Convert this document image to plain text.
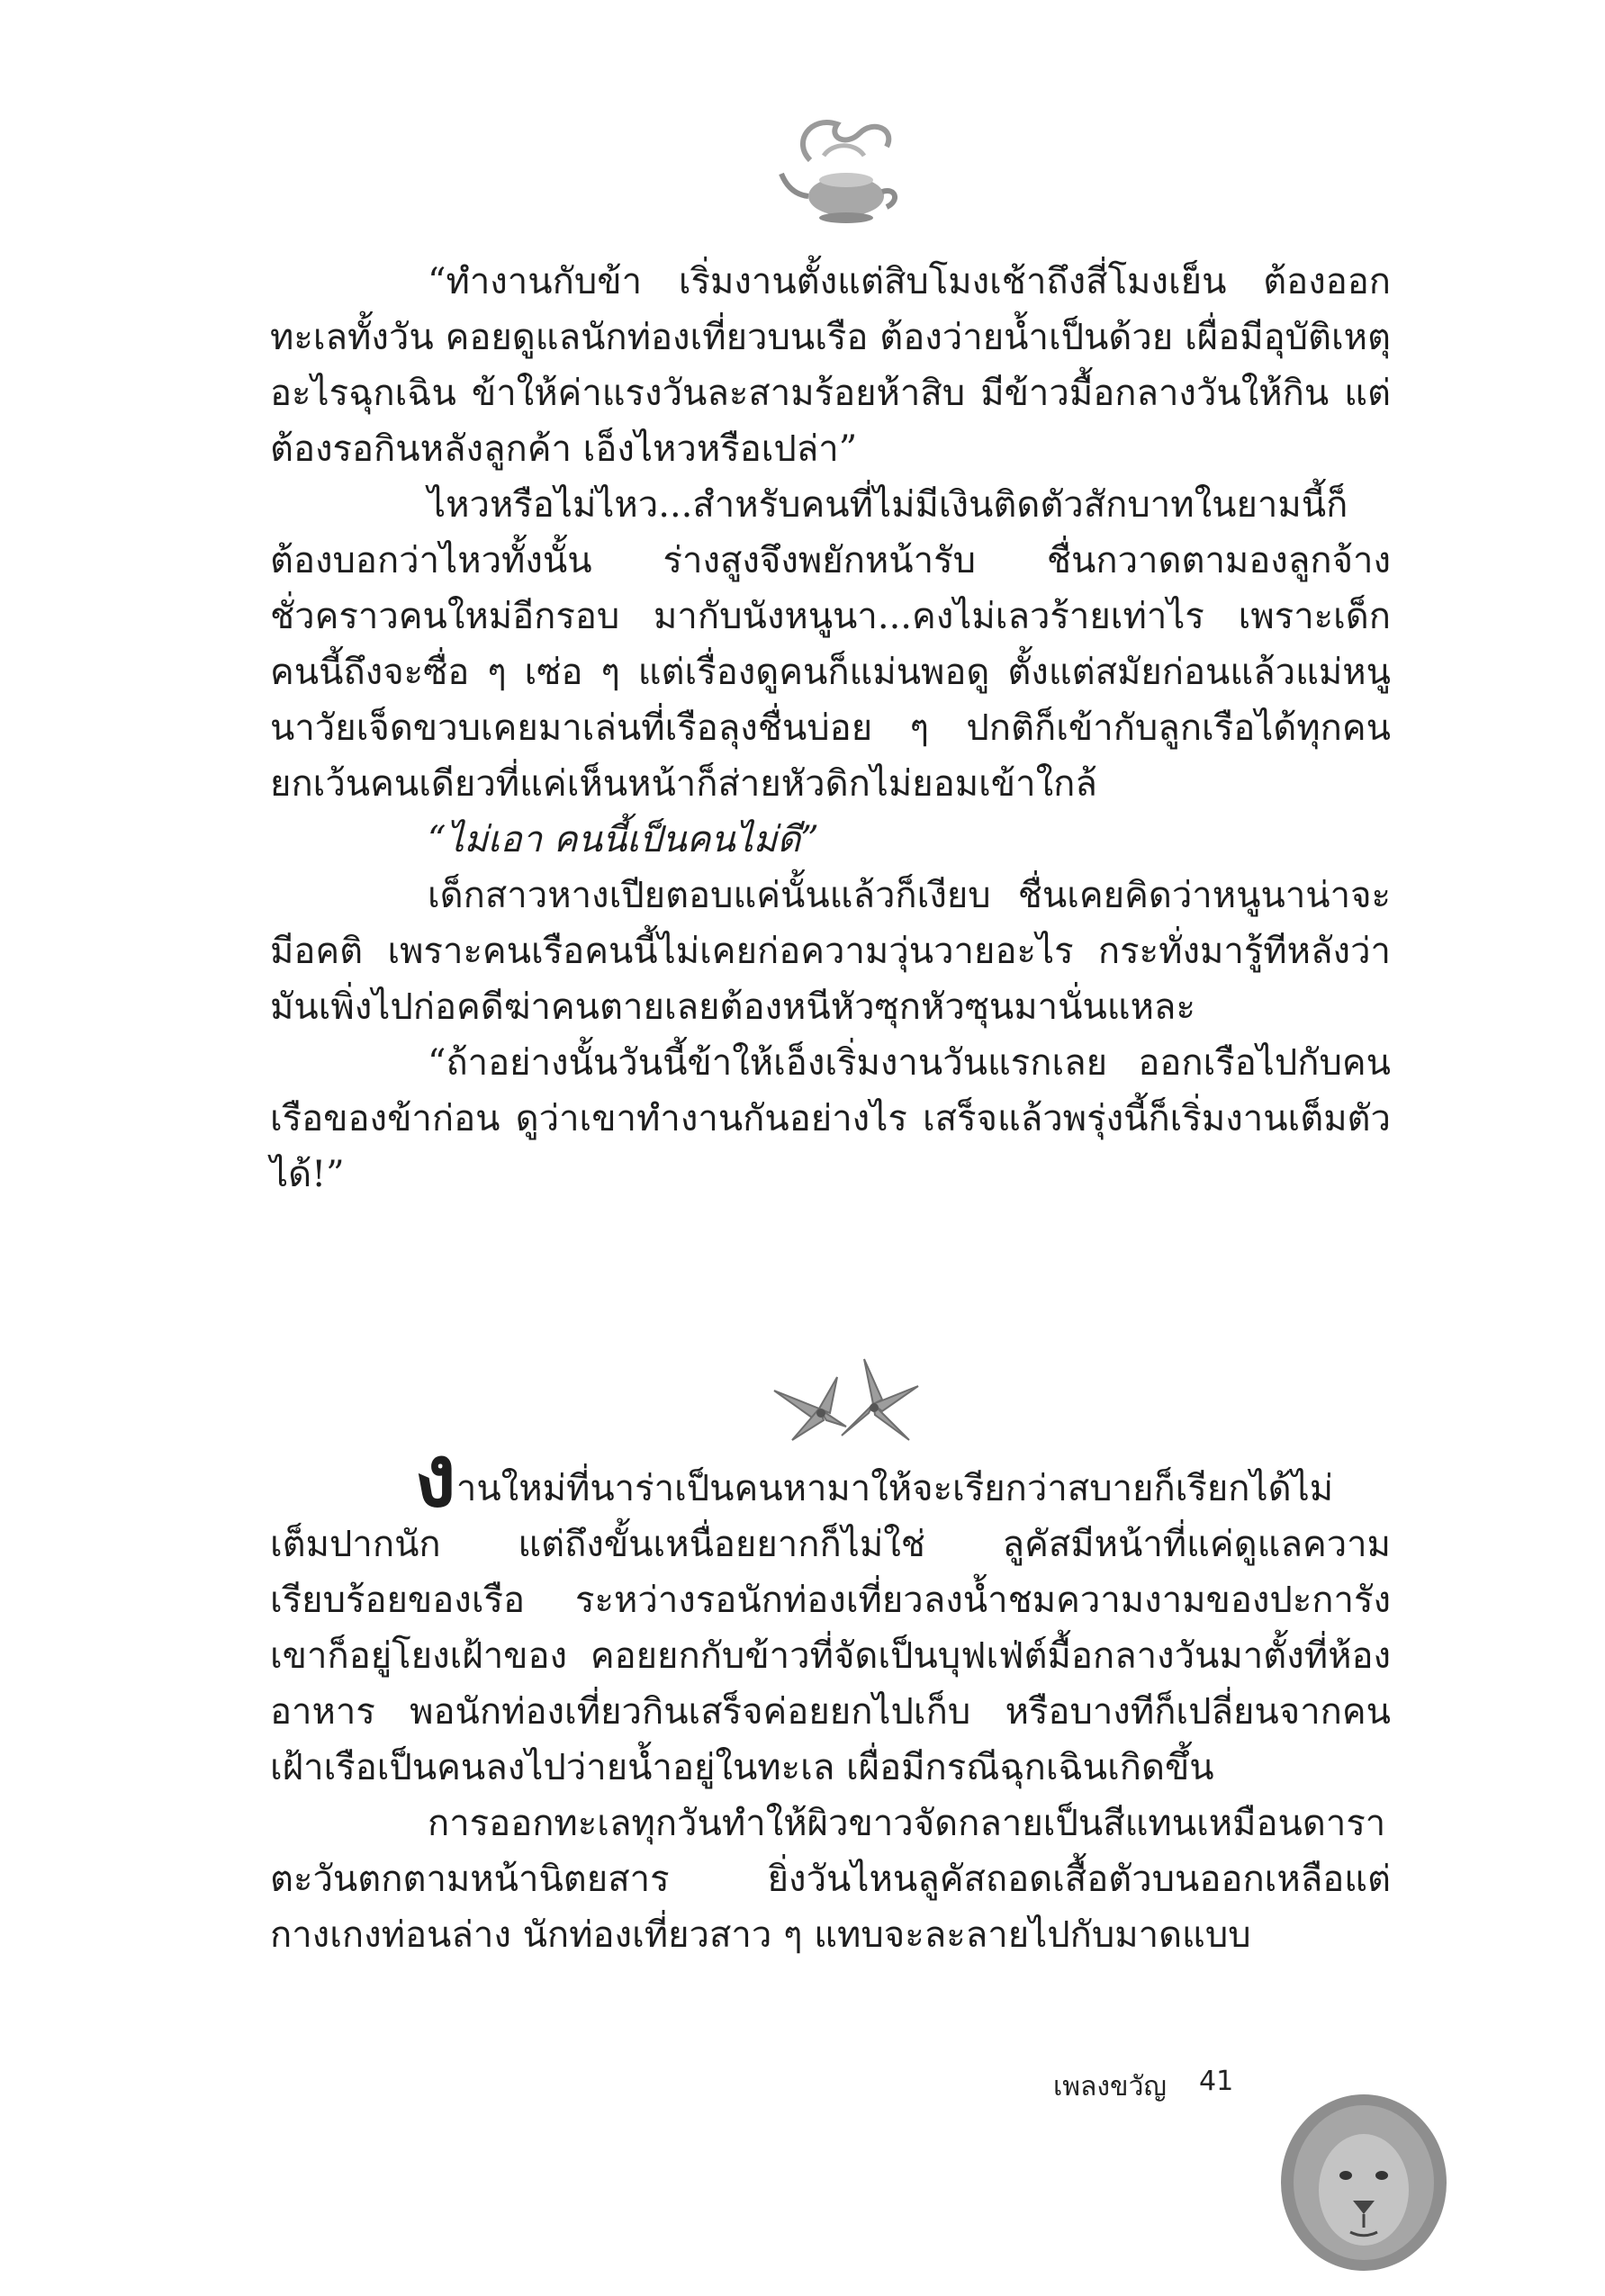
“ทำงานกับข้า เริ่มงานตั้งแต่สิบโมงเช้าถึงสี่โมงเย็น ต้องออกทะเลทั้งวัน คอยดูแลนักท่องเที่ยวบนเรือ ต้องว่ายน้ำเป็นด้วย เผื่อมีอุบัติเหตุอะไรฉุกเฉิน ข้าให้ค่าแรงวันละสามร้อยห้าสิบ มีข้าวมื้อกลางวันให้กิน แต่ต้องรอกินหลังลูกค้า เอ็งไหวหรือเปล่า”

ไหวหรือไม่ไหว...สำหรับคนที่ไม่มีเงินติดตัวสักบาทในยามนี้ก็ต้องบอกว่าไหวทั้งนั้น ร่างสูงจึงพยักหน้ารับ ชื่นกวาดตามองลูกจ้างชั่วคราวคนใหม่อีกรอบ มากับนังหนูนา...คงไม่เลวร้ายเท่าไร เพราะเด็กคนนี้ถึงจะซื่อ ๆ เซ่อ ๆ แต่เรื่องดูคนก็แม่นพอดู ตั้งแต่สมัยก่อนแล้วแม่หนูนาวัยเจ็ดขวบเคยมาเล่นที่เรือลุงชื่นบ่อย ๆ ปกติก็เข้ากับลูกเรือได้ทุกคน ยกเว้นคนเดียวที่แค่เห็นหน้าก็ส่ายหัวดิกไม่ยอมเข้าใกล้

“ไม่เอา คนนี้เป็นคนไม่ดี”

เด็กสาวหางเปียตอบแค่นั้นแล้วก็เงียบ ชื่นเคยคิดว่าหนูนาน่าจะมีอคติ เพราะคนเรือคนนี้ไม่เคยก่อความวุ่นวายอะไร กระทั่งมารู้ทีหลังว่ามันเพิ่งไปก่อคดีฆ่าคนตายเลยต้องหนีหัวซุกหัวซุนมานั่นแหละ

“ถ้าอย่างนั้นวันนี้ข้าให้เอ็งเริ่มงานวันแรกเลย ออกเรือไปกับคนเรือของข้าก่อน ดูว่าเขาทำงานกันอย่างไร เสร็จแล้วพรุ่งนี้ก็เริ่มงานเต็มตัวได้!”

งานใหม่ที่นาร่าเป็นคนหามาให้จะเรียกว่าสบายก็เรียกได้ไม่เต็มปากนัก แต่ถึงขั้นเหนื่อยยากก็ไม่ใช่ ลูคัสมีหน้าที่แค่ดูแลความเรียบร้อยของเรือ ระหว่างรอนักท่องเที่ยวลงน้ำชมความงามของปะการังเขาก็อยู่โยงเฝ้าของ คอยยกกับข้าวที่จัดเป็นบุฟเฟ่ต์มื้อกลางวันมาตั้งที่ห้องอาหาร พอนักท่องเที่ยวกินเสร็จค่อยยกไปเก็บ หรือบางทีก็เปลี่ยนจากคนเฝ้าเรือเป็นคนลงไปว่ายน้ำอยู่ในทะเล เผื่อมีกรณีฉุกเฉินเกิดขึ้น

การออกทะเลทุกวันทำให้ผิวขาวจัดกลายเป็นสีแทนเหมือนดาราตะวันตกตามหน้านิตยสาร ยิ่งวันไหนลูคัสถอดเสื้อตัวบนออกเหลือแต่กางเกงท่อนล่าง นักท่องเที่ยวสาว ๆ แทบจะละลายไปกับมาดแบบ

เพลงขวัญ 41
